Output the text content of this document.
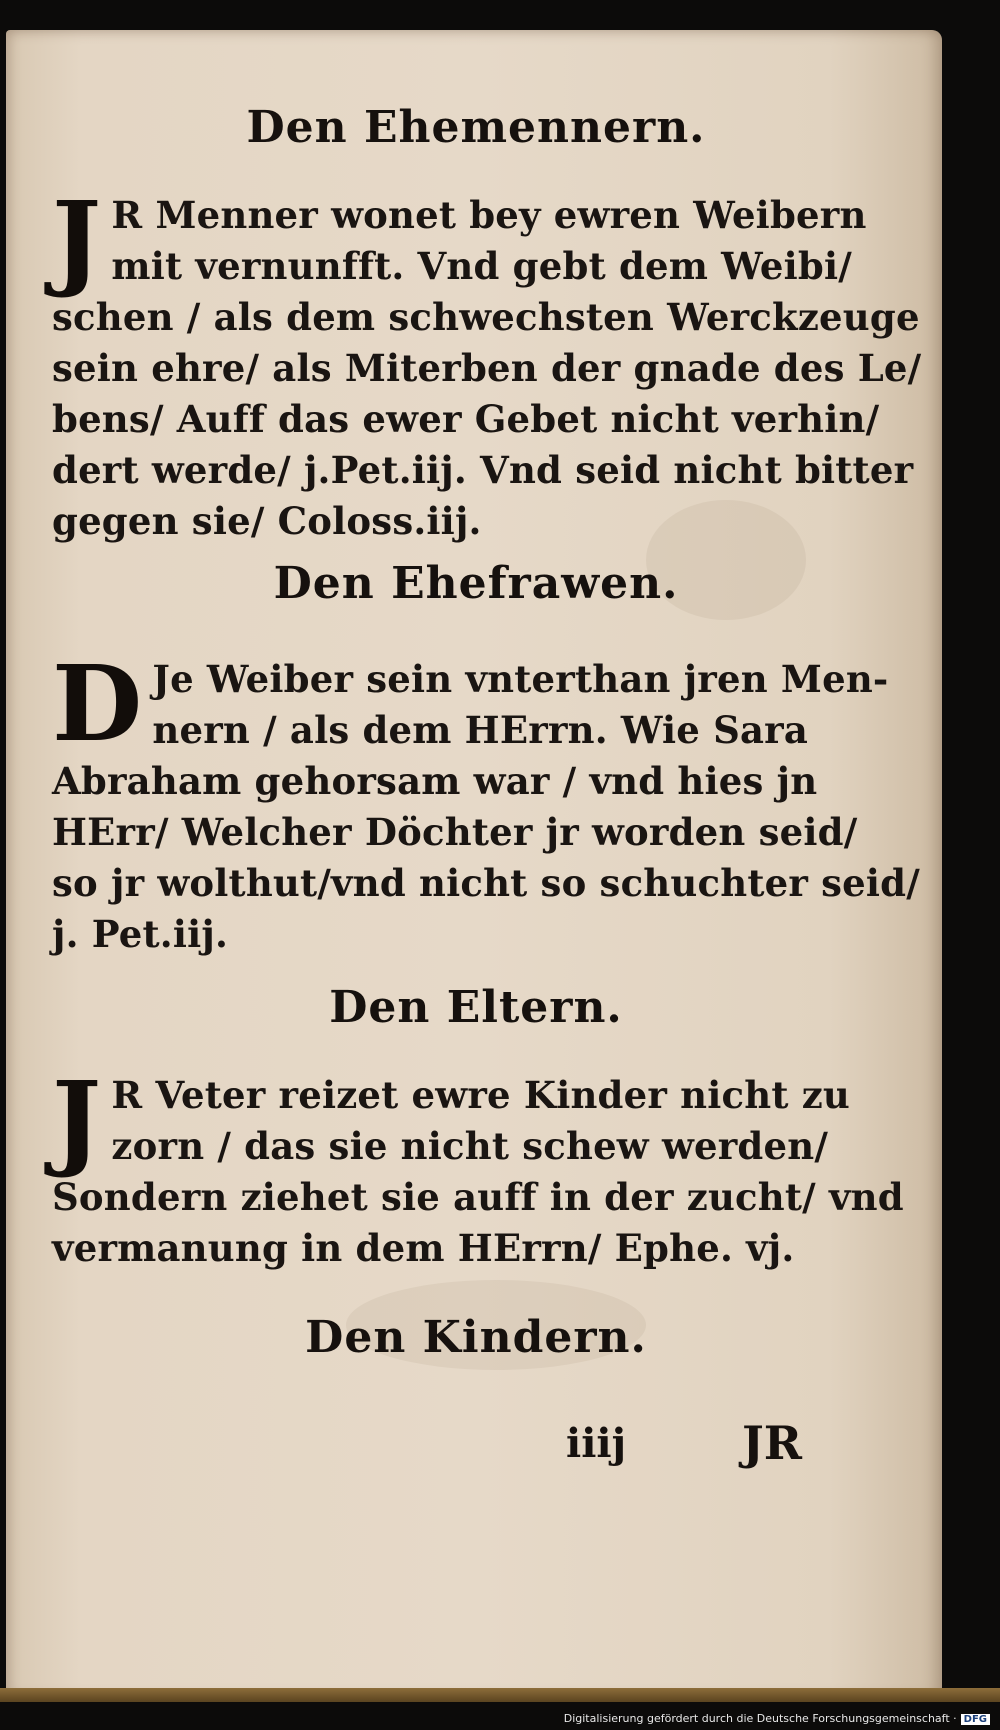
Den Ehemennern.
J R Menner wonet bey ewren Weibern
mit vernunfft. Vnd gebt dem Weibi/
schen / als dem schwechsten Werckzeuge
sein ehre/ als Miterben der gnade des Le/
bens/ Auff das ewer Gebet nicht verhin/
dert werde/ j.Pet.iij. Vnd seid nicht bitter
gegen sie/ Coloss.iij.
Den Ehefrawen.
D Je Weiber sein vnterthan jren Men-
nern / als dem HErrn. Wie Sara
Abraham gehorsam war / vnd hies jn
HErr/ Welcher Döchter jr worden seid/
so jr wolthut/vnd nicht so schuchter seid/
j. Pet.iij.
Den Eltern.
J R Veter reizet ewre Kinder nicht zu
zorn / das sie nicht schew werden/
Sondern ziehet sie auff in der zucht/ vnd
vermanung in dem HErrn/ Ephe. vj.
Den Kindern.
iiij	JR
Digitalisierung gefördert durch die Deutsche Forschungsgemeinschaft · DFG
